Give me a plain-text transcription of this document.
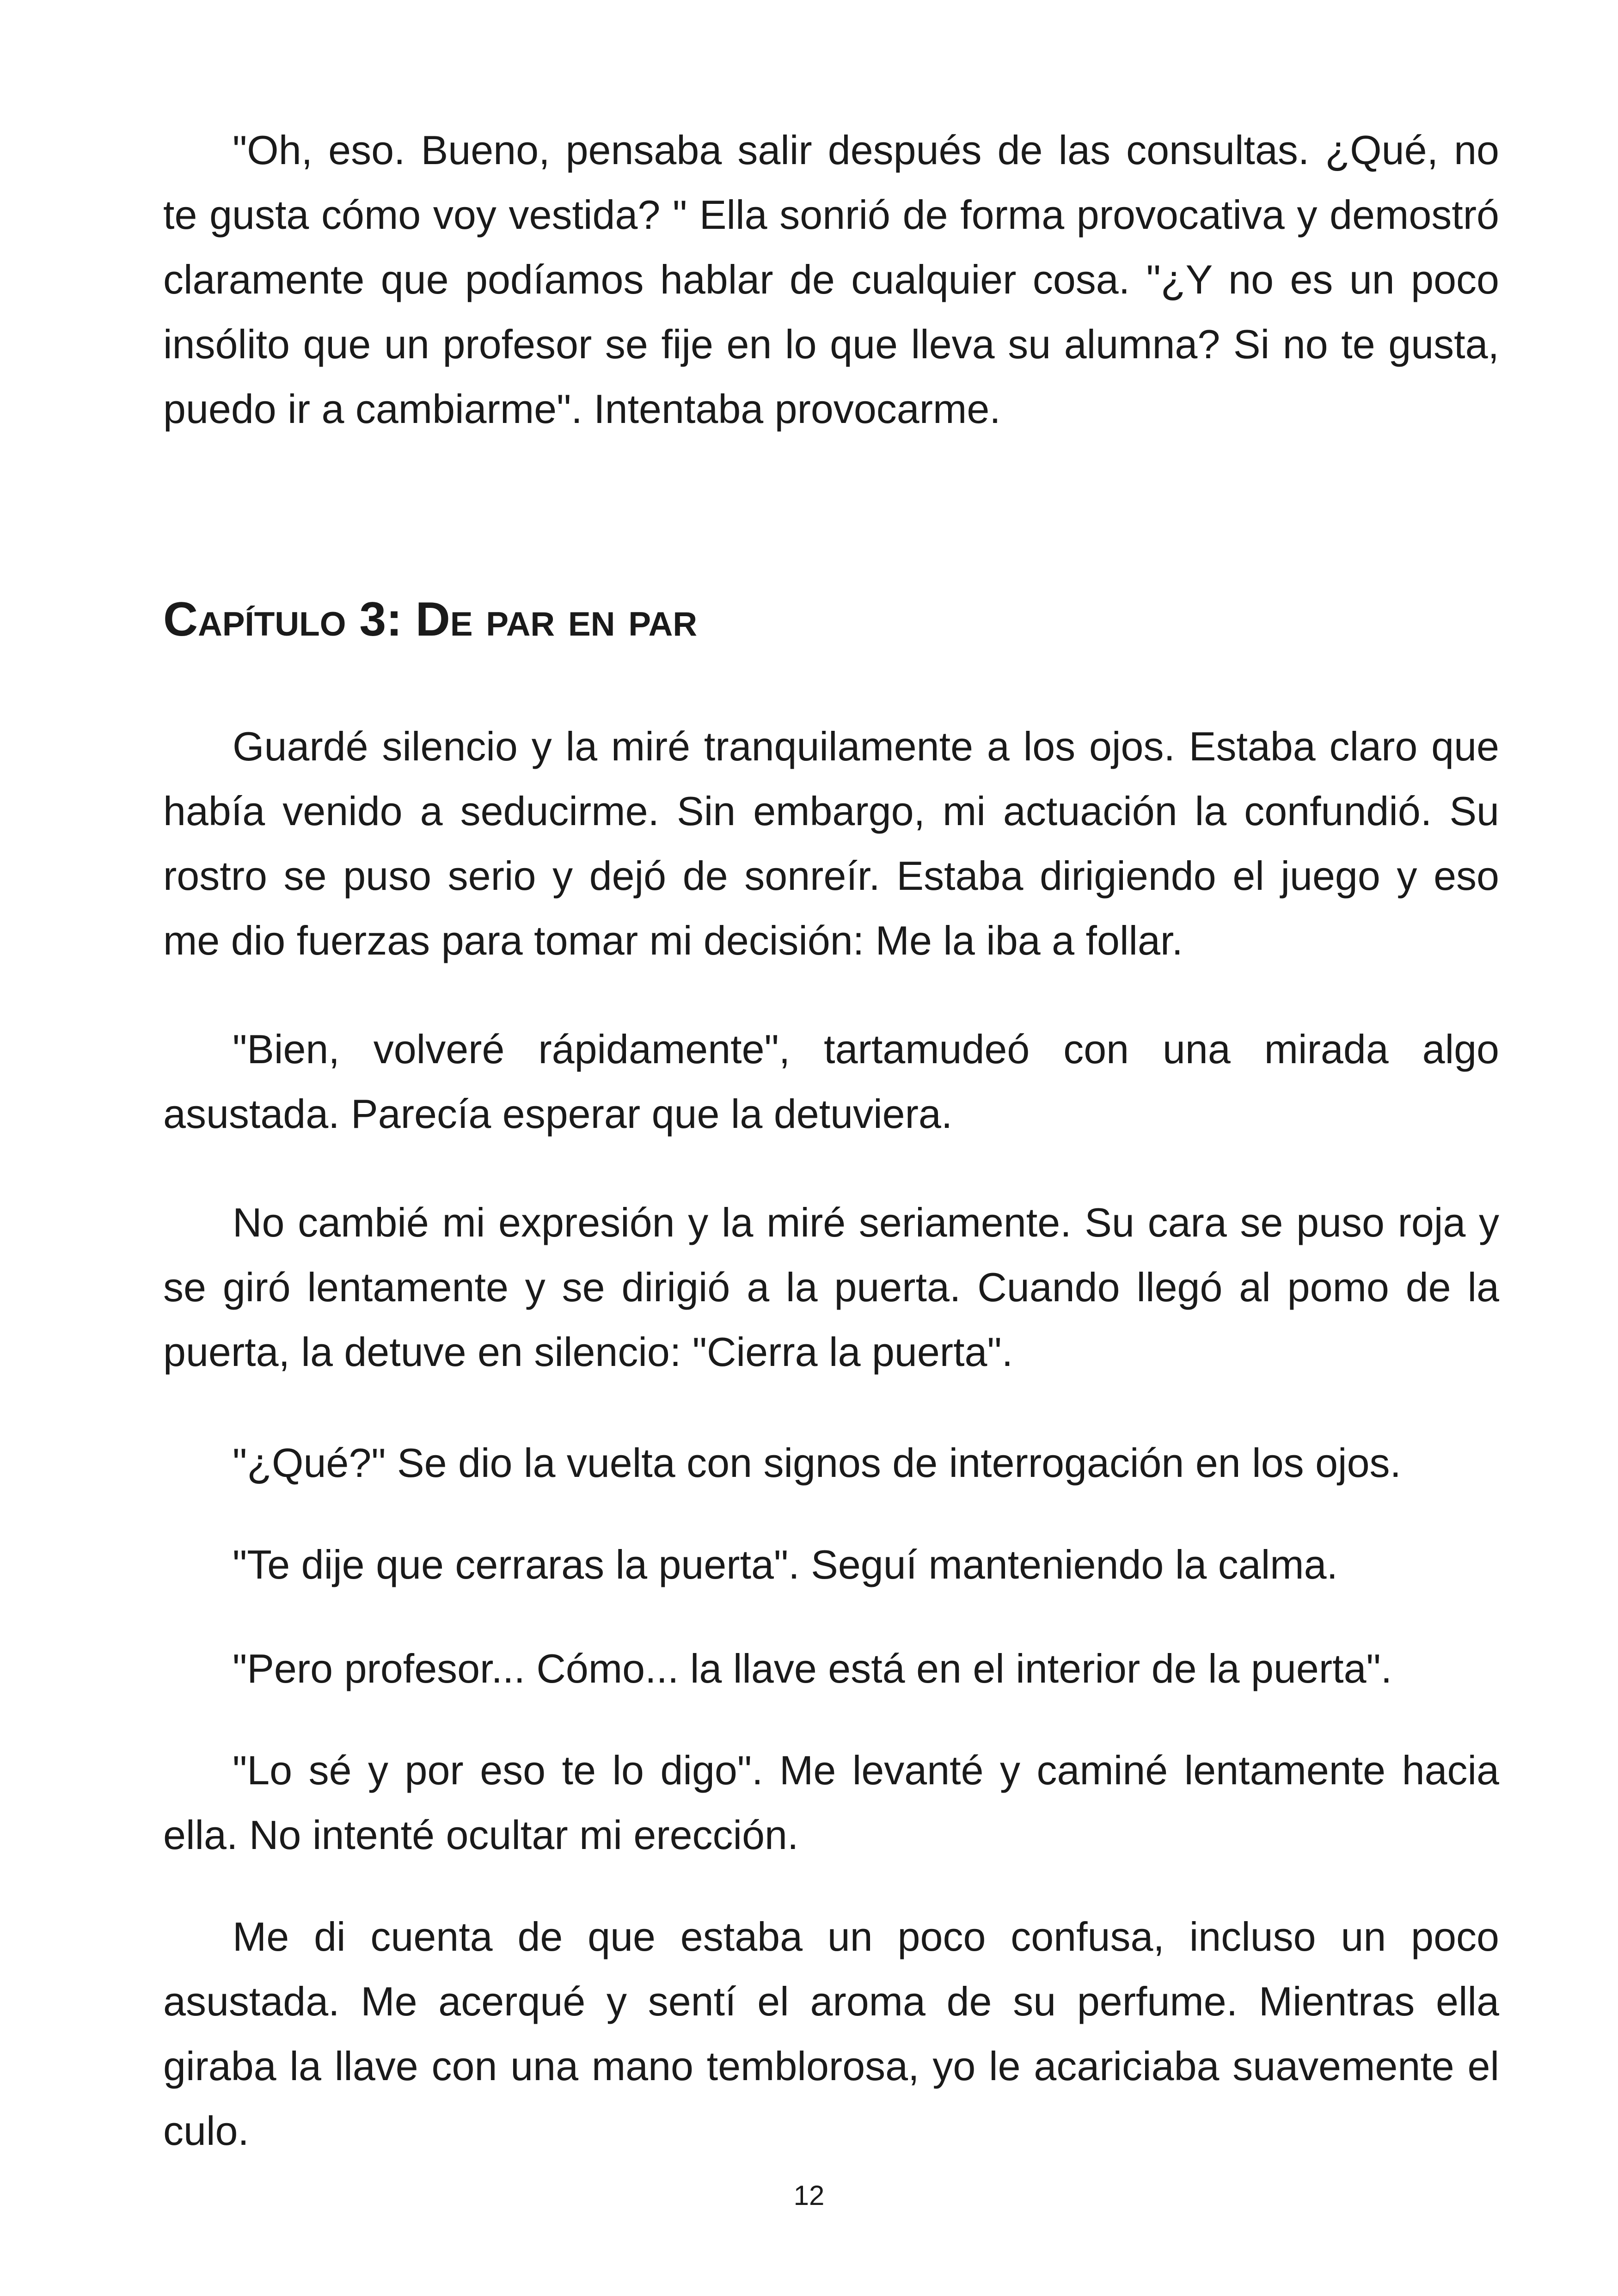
"Oh, eso. Bueno, pensaba salir después de las consultas. ¿Qué, no te gusta cómo voy vestida? " Ella sonrió de forma provocativa y demostró claramente que podíamos hablar de cualquier cosa. "¿Y no es un poco insólito que un profesor se fije en lo que lleva su alumna? Si no te gusta, puedo ir a cambiarme". Intentaba provocarme.

Capítulo 3: De par en par

Guardé silencio y la miré tranquilamente a los ojos. Estaba claro que había venido a seducirme. Sin embargo, mi actuación la confundió. Su rostro se puso serio y dejó de sonreír. Estaba dirigiendo el juego y eso me dio fuerzas para tomar mi decisión: Me la iba a follar.

"Bien, volveré rápidamente", tartamudeó con una mirada algo asustada. Parecía esperar que la detuviera.

No cambié mi expresión y la miré seriamente. Su cara se puso roja y se giró lentamente y se dirigió a la puerta. Cuando llegó al pomo de la puerta, la detuve en silencio: "Cierra la puerta".

"¿Qué?" Se dio la vuelta con signos de interrogación en los ojos.

"Te dije que cerraras la puerta". Seguí manteniendo la calma.

"Pero profesor... Cómo... la llave está en el interior de la puerta".

"Lo sé y por eso te lo digo". Me levanté y caminé lentamente hacia ella. No intenté ocultar mi erección.

Me di cuenta de que estaba un poco confusa, incluso un poco asustada. Me acerqué y sentí el aroma de su perfume. Mientras ella giraba la llave con una mano temblorosa, yo le acariciaba suavemente el culo.

12
